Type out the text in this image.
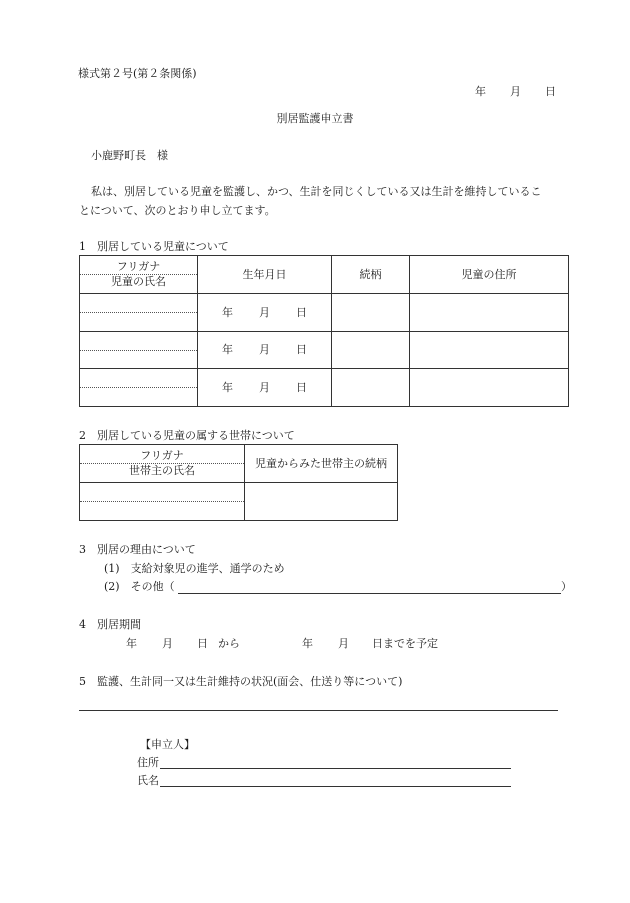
様式第２号(第２条関係)
年 月 日
別居監護申立書
小鹿野町長　様
私は、別居している児童を監護し、かつ、生計を同じくしている又は生計を維持しているこ
とについて、次のとおり申し立てます。
1　別居している児童について
フリガナ
児童の氏名	生年月日	続柄	児童の住所

	年 月 日		

	年 月 日		

	年 月 日		
2　別居している児童の属する世帯について
フリガナ
世帯主の氏名	児童からみた世帯主の続柄

3　別居の理由について
(1)　支給対象児の進学、通学のため
(2)　その他（	）
4　別居期間
年 月 日 から	年 月 日までを予定
5　監護、生計同一又は生計維持の状況(面会、仕送り等について)
【申立人】
住所
氏名
